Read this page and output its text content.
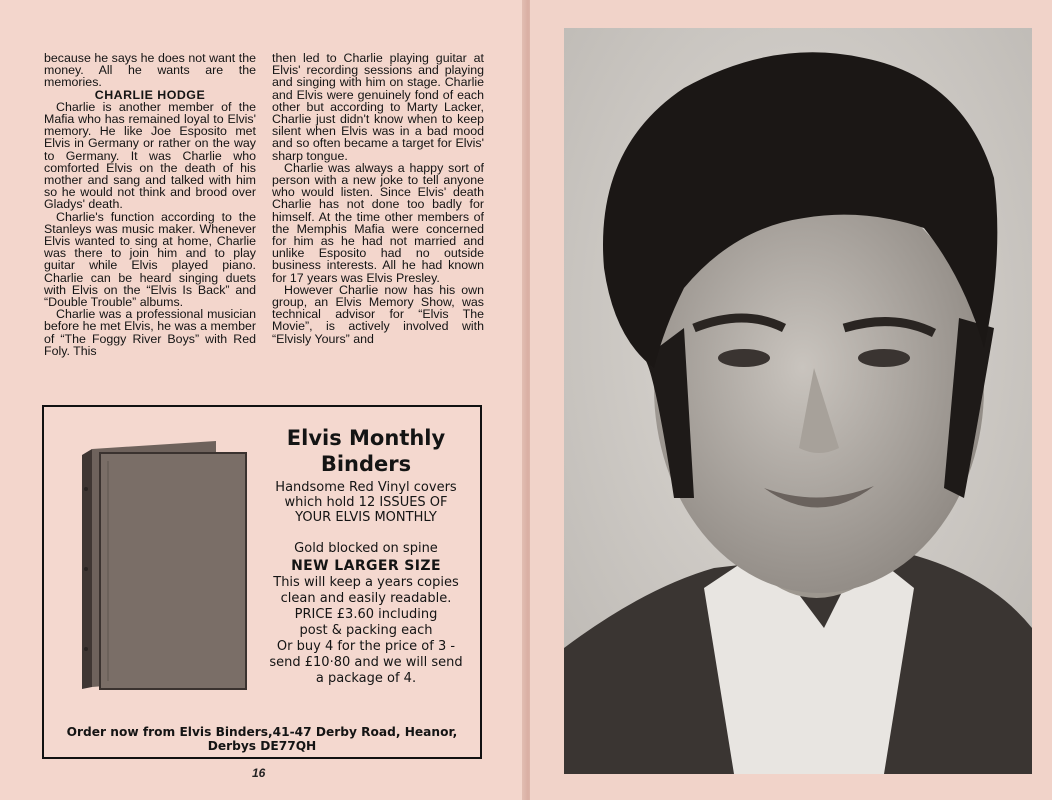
because he says he does not want the money. All he wants are the memories.

CHARLIE HODGE

Charlie is another member of the Mafia who has remained loyal to Elvis' memory. He like Joe Esposito met Elvis in Germany or rather on the way to Germany. It was Charlie who comforted Elvis on the death of his mother and sang and talked with him so he would not think and brood over Gladys' death.

Charlie's function according to the Stanleys was music maker. Whenever Elvis wanted to sing at home, Charlie was there to join him and to play guitar while Elvis played piano. Charlie can be heard singing duets with Elvis on the “Elvis Is Back” and “Double Trouble” albums.

Charlie was a professional musician before he met Elvis, he was a member of “The Foggy River Boys” with Red Foly. This

then led to Charlie playing guitar at Elvis' recording sessions and playing and singing with him on stage. Charlie and Elvis were genuinely fond of each other but according to Marty Lacker, Charlie just didn't know when to keep silent when Elvis was in a bad mood and so often became a target for Elvis' sharp tongue.

Charlie was always a happy sort of person with a new joke to tell anyone who would listen. Since Elvis' death Charlie has not done too badly for himself. At the time other members of the Memphis Mafia were concerned for him as he had not married and unlike Esposito had no outside business interests. All he had known for 17 years was Elvis Presley.

However Charlie now has his own group, an Elvis Memory Show, was technical advisor for “Elvis The Movie”, is actively involved with “Elvisly Yours” and

Elvis Monthly
Binders
Handsome Red Vinyl covers
which hold 12 ISSUES OF
YOUR ELVIS MONTHLY
Gold blocked on spine
NEW LARGER SIZE
This will keep a years copies
clean and easily readable.
PRICE £3.60 including
post & packing each
Or buy 4 for the price of 3 -
send £10·80 and we will send
a package of 4.
Order now from Elvis Binders,41-47 Derby Road, Heanor, Derbys DE77QH
16
